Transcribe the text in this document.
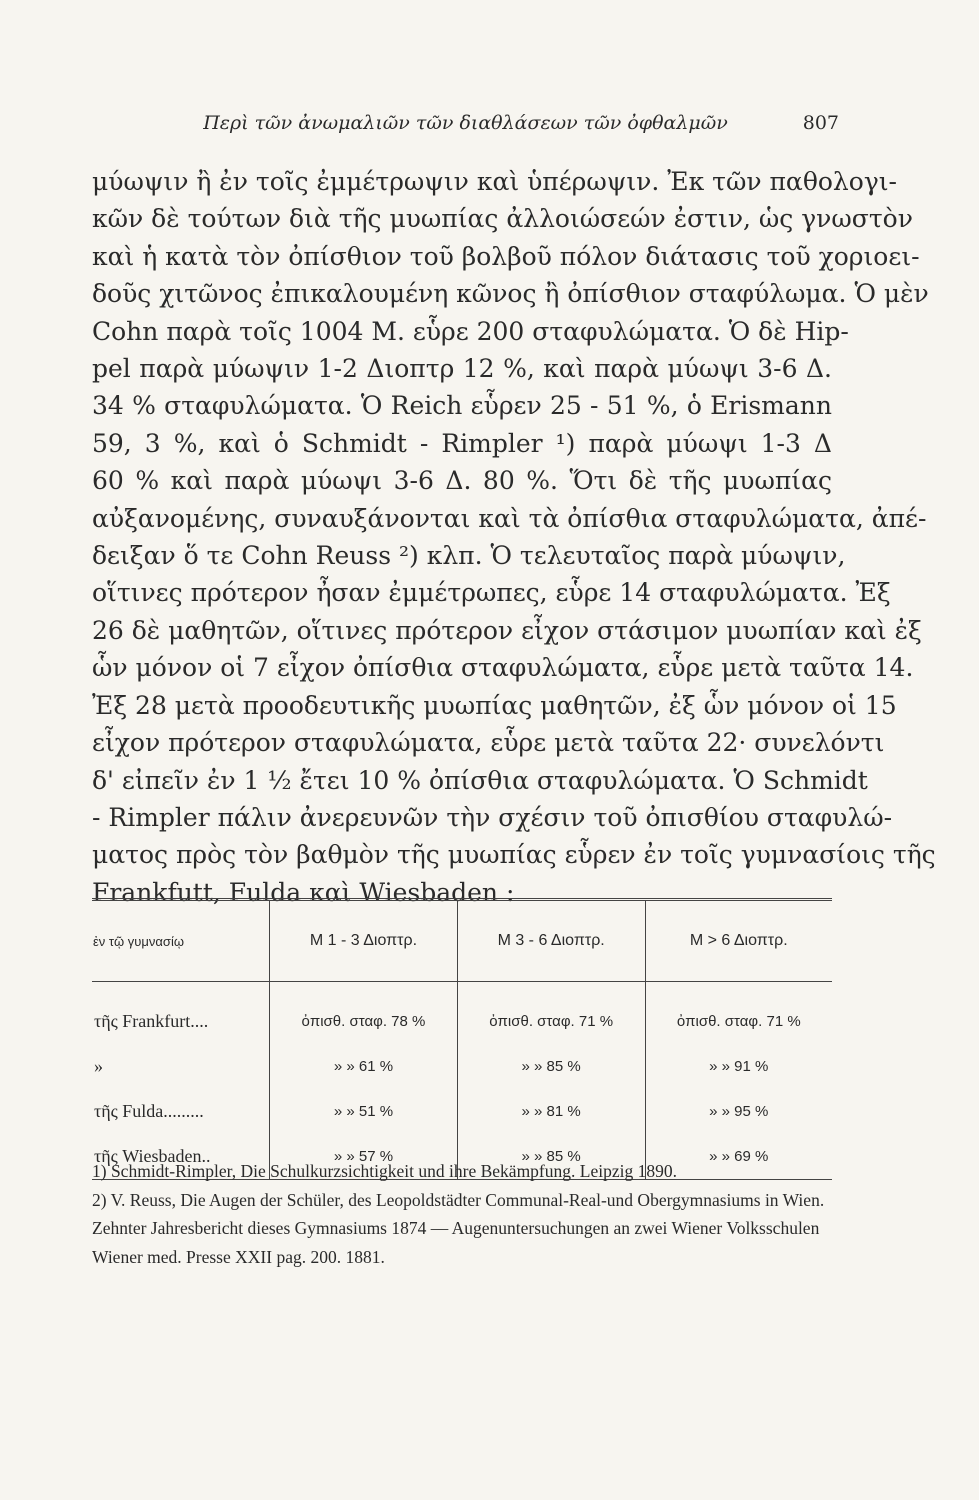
Περὶ τῶν ἀνωμαλιῶν τῶν διαθλάσεων τῶν ὀφθαλμῶν	807
μύωψιν ἢ ἐν τοῖς ἐμμέτρωψιν καὶ ὑπέρωψιν. Ἐκ τῶν παθολογι-
κῶν δὲ τούτων διὰ τῆς μυωπίας ἀλλοιώσεών ἐστιν, ὡς γνωστὸν
καὶ ἡ κατὰ τὸν ὀπίσθιον τοῦ βολβοῦ πόλον διάτασις τοῦ χοριοει-
δοῦς χιτῶνος ἐπικαλουμένη κῶνος ἢ ὀπίσθιον σταφύλωμα. Ὁ μὲν
Cohn παρὰ τοῖς 1004 Μ. εὗρε 200 σταφυλώματα. Ὁ δὲ Hip-
pel παρὰ μύωψιν 1-2 Διοπτρ 12 %, καὶ παρὰ μύωψι 3-6 Δ.
34 % σταφυλώματα. Ὁ Reich εὗρεν 25 - 51 %, ὁ Erismann
59, 3 %, καὶ ὁ Schmidt - Rimpler ¹) παρὰ μύωψι 1-3 Δ
60 % καὶ παρὰ μύωψι 3-6 Δ. 80 %. Ὅτι δὲ τῆς μυωπίας
αὐξανομένης, συναυξάνονται καὶ τὰ ὀπίσθια σταφυλώματα, ἀπέ-
δειξαν ὅ τε Cohn Reuss ²) κλπ. Ὁ τελευταῖος παρὰ μύωψιν,
οἵτινες πρότερον ἦσαν ἐμμέτρωπες, εὗρε 14 σταφυλώματα. Ἐξ
26 δὲ μαθητῶν, οἵτινες πρότερον εἶχον στάσιμον μυωπίαν καὶ ἐξ
ὧν μόνον οἱ 7 εἶχον ὀπίσθια σταφυλώματα, εὗρε μετὰ ταῦτα 14.
Ἐξ 28 μετὰ προοδευτικῆς μυωπίας μαθητῶν, ἐξ ὧν μόνον οἱ 15
εἶχον πρότερον σταφυλώματα, εὗρε μετὰ ταῦτα 22· συνελόντι
δ' εἰπεῖν ἐν 1 ½ ἔτει 10 % ὀπίσθια σταφυλώματα. Ὁ Schmidt
- Rimpler πάλιν ἀνερευνῶν τὴν σχέσιν τοῦ ὀπισθίου σταφυλώ-
ματος πρὸς τὸν βαθμὸν τῆς μυωπίας εὗρεν ἐν τοῖς γυμνασίοις τῆς
Frankfutt, Fulda καὶ Wiesbaden :
ἐν τῷ γυμνασίῳ	Μ 1 - 3 Διοπτρ.	Μ 3 - 6 Διοπτρ.	Μ > 6 Διοπτρ.
τῆς Frankfurt....	ὀπισθ. σταφ. 78 %	ὀπισθ. σταφ. 71 %	ὀπισθ. σταφ. 71 %
»	» » 61 %	» » 85 %	» » 91 %
τῆς Fulda.........	» » 51 %	» » 81 %	» » 95 %
τῆς Wiesbaden..	» » 57 %	» » 85 %	» » 69 %
1) Schmidt-Rimpler, Die Schulkurzsichtigkeit und ihre Bekämpfung. Leipzig 1890.
2) V. Reuss, Die Augen der Schüler, des Leopoldstädter Communal-Real-und Obergymnasiums in Wien. Zehnter Jahresbericht dieses Gymnasiums 1874 — Augenuntersuchungen an zwei Wiener Volksschulen Wiener med. Presse XXII pag. 200. 1881.
